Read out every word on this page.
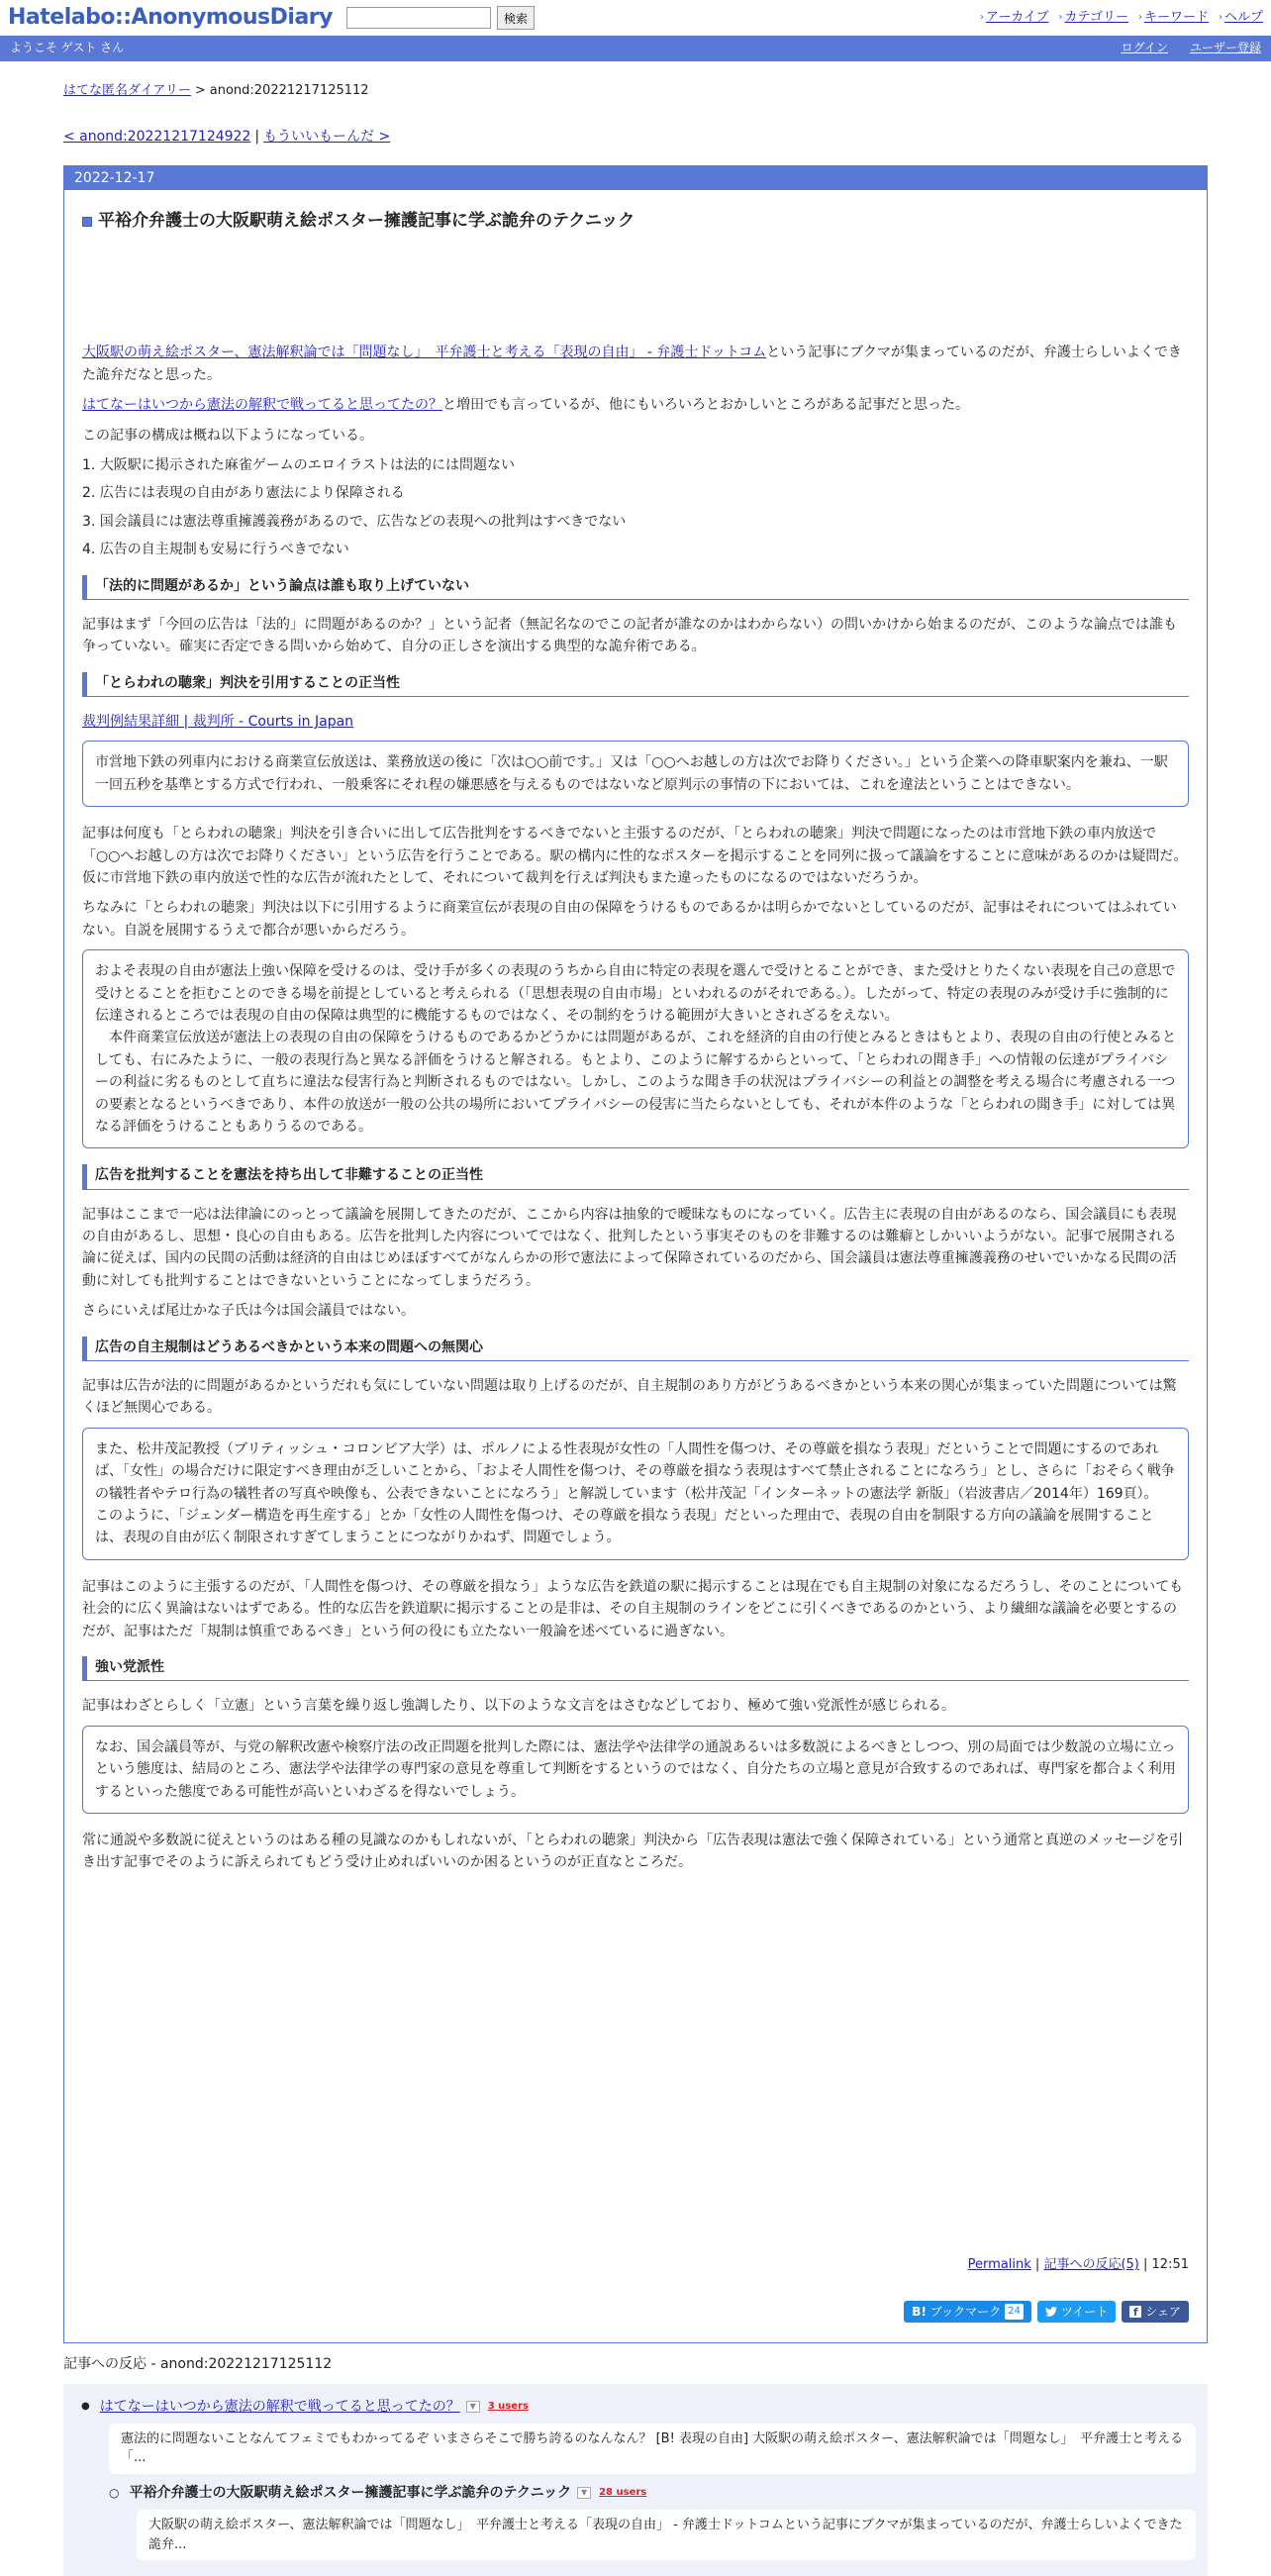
Hatelabo::AnonymousDiary	検索	› アーカイブ › カテゴリー › キーワード › ヘルプ
ようこそ ゲスト さん	ログイン ユーザー登録
はてな匿名ダイアリー > anond:20221217125112
< anond:20221217124922 | もういいもーんだ >
2022-12-17
平裕介弁護士の大阪駅萌え絵ポスター擁護記事に学ぶ詭弁のテクニック

大阪駅の萌え絵ポスター、憲法解釈論では「問題なし」　平弁護士と考える「表現の自由」 - 弁護士ドットコムという記事にブクマが集まっているのだが、弁護士らしいよくできた詭弁だなと思った。

はてなーはいつから憲法の解釈で戦ってると思ってたの？と増田でも言っているが、他にもいろいろとおかしいところがある記事だと思った。

この記事の構成は概ね以下ようになっている。

1. 大阪駅に掲示された麻雀ゲームのエロイラストは法的には問題ない
2. 広告には表現の自由があり憲法により保障される
3. 国会議員には憲法尊重擁護義務があるので、広告などの表現への批判はすべきでない
4. 広告の自主規制も安易に行うべきでない
「法的に問題があるか」という論点は誰も取り上げていない

記事はまず「今回の広告は「法的」に問題があるのか？」という記者（無記名なのでこの記者が誰なのかはわからない）の問いかけから始まるのだが、このような論点では誰も争っていない。確実に否定できる問いから始めて、自分の正しさを演出する典型的な詭弁術である。

「とらわれの聴衆」判決を引用することの正当性

裁判例結果詳細 | 裁判所 - Courts in Japan

市営地下鉄の列車内における商業宣伝放送は、業務放送の後に「次は○○前です。」又は「○○へお越しの方は次でお降りください。」という企業への降車駅案内を兼ね、一駅一回五秒を基準とする方式で行われ、一般乗客にそれ程の嫌悪感を与えるものではないなど原判示の事情の下においては、これを違法ということはできない。

記事は何度も「とらわれの聴衆」判決を引き合いに出して広告批判をするべきでないと主張するのだが、「とらわれの聴衆」判決で問題になったのは市営地下鉄の車内放送で「○○へお越しの方は次でお降りください」という広告を行うことである。駅の構内に性的なポスターを掲示することを同列に扱って議論をすることに意味があるのかは疑問だ。仮に市営地下鉄の車内放送で性的な広告が流れたとして、それについて裁判を行えば判決もまた違ったものになるのではないだろうか。

ちなみに「とらわれの聴衆」判決は以下に引用するように商業宣伝が表現の自由の保障をうけるものであるかは明らかでないとしているのだが、記事はそれについてはふれていない。自説を展開するうえで都合が悪いからだろう。

およそ表現の自由が憲法上強い保障を受けるのは、受け手が多くの表現のうちから自由に特定の表現を選んで受けとることができ、また受けとりたくない表現を自己の意思で受けとることを拒むことのできる場を前提としていると考えられる（「思想表現の自由市場」といわれるのがそれである。）。したがって、特定の表現のみが受け手に強制的に伝達されるところでは表現の自由の保障は典型的に機能するものではなく、その制約をうける範囲が大きいとされざるをえない。

　本件商業宣伝放送が憲法上の表現の自由の保障をうけるものであるかどうかには問題があるが、これを経済的自由の行使とみるときはもとより、表現の自由の行使とみるとしても、右にみたように、一般の表現行為と異なる評価をうけると解される。もとより、このように解するからといって、「とらわれの聞き手」への情報の伝達がプライバシーの利益に劣るものとして直ちに違法な侵害行為と判断されるものではない。しかし、このような聞き手の状況はプライバシーの利益との調整を考える場合に考慮される一つの要素となるというべきであり、本件の放送が一般の公共の場所においてプライバシーの侵害に当たらないとしても、それが本件のような「とらわれの聞き手」に対しては異なる評価をうけることもありうるのである。

広告を批判することを憲法を持ち出して非難することの正当性

記事はここまで一応は法律論にのっとって議論を展開してきたのだが、ここから内容は抽象的で曖昧なものになっていく。広告主に表現の自由があるのなら、国会議員にも表現の自由があるし、思想・良心の自由もある。広告を批判した内容についてではなく、批判したという事実そのものを非難するのは難癖としかいいようがない。記事で展開される論に従えば、国内の民間の活動は経済的自由はじめほぼすべてがなんらかの形で憲法によって保障されているのだから、国会議員は憲法尊重擁護義務のせいでいかなる民間の活動に対しても批判することはできないということになってしまうだろう。

さらにいえば尾辻かな子氏は今は国会議員ではない。

広告の自主規制はどうあるべきかという本来の問題への無関心

記事は広告が法的に問題があるかというだれも気にしていない問題は取り上げるのだが、自主規制のあり方がどうあるべきかという本来の関心が集まっていた問題については驚くほど無関心である。

また、松井茂記教授（ブリティッシュ・コロンビア大学）は、ポルノによる性表現が女性の「人間性を傷つけ、その尊厳を損なう表現」だということで問題にするのであれば、「女性」の場合だけに限定すべき理由が乏しいことから、「およそ人間性を傷つけ、その尊厳を損なう表現はすべて禁止されることになろう」とし、さらに「おそらく戦争の犠牲者やテロ行為の犠牲者の写真や映像も、公表できないことになろう」と解説しています（松井茂記「インターネットの憲法学 新版」（岩波書店／2014年）169頁）。

このように、「ジェンダー構造を再生産する」とか「女性の人間性を傷つけ、その尊厳を損なう表現」だといった理由で、表現の自由を制限する方向の議論を展開することは、表現の自由が広く制限されすぎてしまうことにつながりかねず、問題でしょう。

記事はこのように主張するのだが、「人間性を傷つけ、その尊厳を損なう」ような広告を鉄道の駅に掲示することは現在でも自主規制の対象になるだろうし、そのことについても社会的に広く異論はないはずである。性的な広告を鉄道駅に掲示することの是非は、その自主規制のラインをどこに引くべきであるのかという、より繊細な議論を必要とするのだが、記事はただ「規制は慎重であるべき」という何の役にも立たない一般論を述べているに過ぎない。

強い党派性

記事はわざとらしく「立憲」という言葉を繰り返し強調したり、以下のような文言をはさむなどしており、極めて強い党派性が感じられる。

なお、国会議員等が、与党の解釈改憲や検察庁法の改正問題を批判した際には、憲法学や法律学の通説あるいは多数説によるべきとしつつ、別の局面では少数説の立場に立っという態度は、結局のところ、憲法学や法律学の専門家の意見を尊重して判断をするというのではなく、自分たちの立場と意見が合致するのであれば、専門家を都合よく利用するといった態度である可能性が高いといわざるを得ないでしょう。

常に通説や多数説に従えというのはある種の見識なのかもしれないが、「とらわれの聴衆」判決から「広告表現は憲法で強く保障されている」という通常と真逆のメッセージを引き出す記事でそのように訴えられてもどう受け止めればいいのか困るというのが正直なところだ。

Permalink | 記事への反応(5) | 12:51
B! ブックマーク 24	ツイート	f シェア
記事への反応 - anond:20221217125112
● はてなーはいつから憲法の解釈で戦ってると思ってたの？	▼	3 users
憲法的に問題ないことなんてフェミでもわかってるぞ いまさらそこで勝ち誇るのなんなん？ [B! 表現の自由] 大阪駅の萌え絵ポスター、憲法解釈論では「問題なし」　平弁護士と考える「...
○ 平裕介弁護士の大阪駅萌え絵ポスター擁護記事に学ぶ詭弁のテクニック	▼	28 users
大阪駅の萌え絵ポスター、憲法解釈論では「問題なし」　平弁護士と考える「表現の自由」 - 弁護士ドットコムという記事にブクマが集まっているのだが、弁護士らしいよくできた詭弁...
